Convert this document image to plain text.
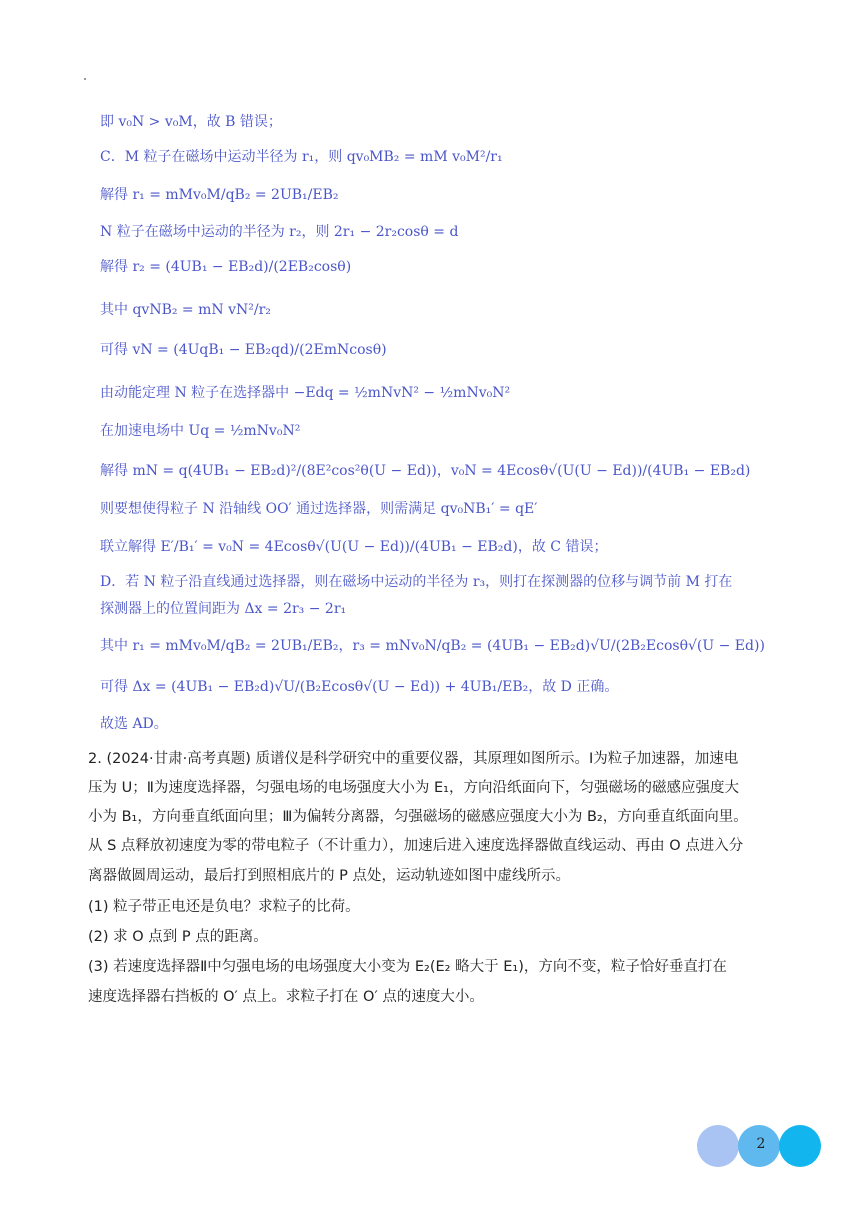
即 v₀N > v₀M，故 B 错误；
C．M 粒子在磁场中运动半径为 r₁，则 qv₀MB₂ = mM v₀M²/r₁
解得 r₁ = mMv₀M/qB₂ = 2UB₁/EB₂
N 粒子在磁场中运动的半径为 r₂，则 2r₁ − 2r₂cosθ = d
解得 r₂ = (4UB₁ − EB₂d)/(2EB₂cosθ)
其中 qvNB₂ = mN vN²/r₂
可得 vN = (4UqB₁ − EB₂qd)/(2EmNcosθ)
由动能定理 N 粒子在选择器中 −Edq = ½mNvN² − ½mNv₀N²
在加速电场中 Uq = ½mNv₀N²
解得 mN = q(4UB₁ − EB₂d)²/(8E²cos²θ(U − Ed))，v₀N = 4Ecosθ√(U(U − Ed))/(4UB₁ − EB₂d)
则要想使得粒子 N 沿轴线 OO′ 通过选择器，则需满足 qv₀NB₁′ = qE′
联立解得 E′/B₁′ = v₀N = 4Ecosθ√(U(U − Ed))/(4UB₁ − EB₂d)，故 C 错误；
D．若 N 粒子沿直线通过选择器，则在磁场中运动的半径为 r₃，则打在探测器的位移与调节前 M 打在
探测器上的位置间距为 Δx = 2r₃ − 2r₁
其中 r₁ = mMv₀M/qB₂ = 2UB₁/EB₂，r₃ = mNv₀N/qB₂ = (4UB₁ − EB₂d)√U/(2B₂Ecosθ√(U − Ed))
可得 Δx = (4UB₁ − EB₂d)√U/(B₂Ecosθ√(U − Ed)) + 4UB₁/EB₂，故 D 正确。
故选 AD。
2. (2024·甘肃·高考真题) 质谱仪是科学研究中的重要仪器，其原理如图所示。Ⅰ为粒子加速器，加速电
压为 U；Ⅱ为速度选择器，匀强电场的电场强度大小为 E₁，方向沿纸面向下，匀强磁场的磁感应强度大
小为 B₁，方向垂直纸面向里；Ⅲ为偏转分离器，匀强磁场的磁感应强度大小为 B₂，方向垂直纸面向里。
从 S 点释放初速度为零的带电粒子（不计重力），加速后进入速度选择器做直线运动、再由 O 点进入分
离器做圆周运动，最后打到照相底片的 P 点处，运动轨迹如图中虚线所示。
(1) 粒子带正电还是负电？求粒子的比荷。
(2) 求 O 点到 P 点的距离。
(3) 若速度选择器Ⅱ中匀强电场的电场强度大小变为 E₂(E₂ 略大于 E₁)，方向不变，粒子恰好垂直打在
速度选择器右挡板的 O′ 点上。求粒子打在 O′ 点的速度大小。
2
